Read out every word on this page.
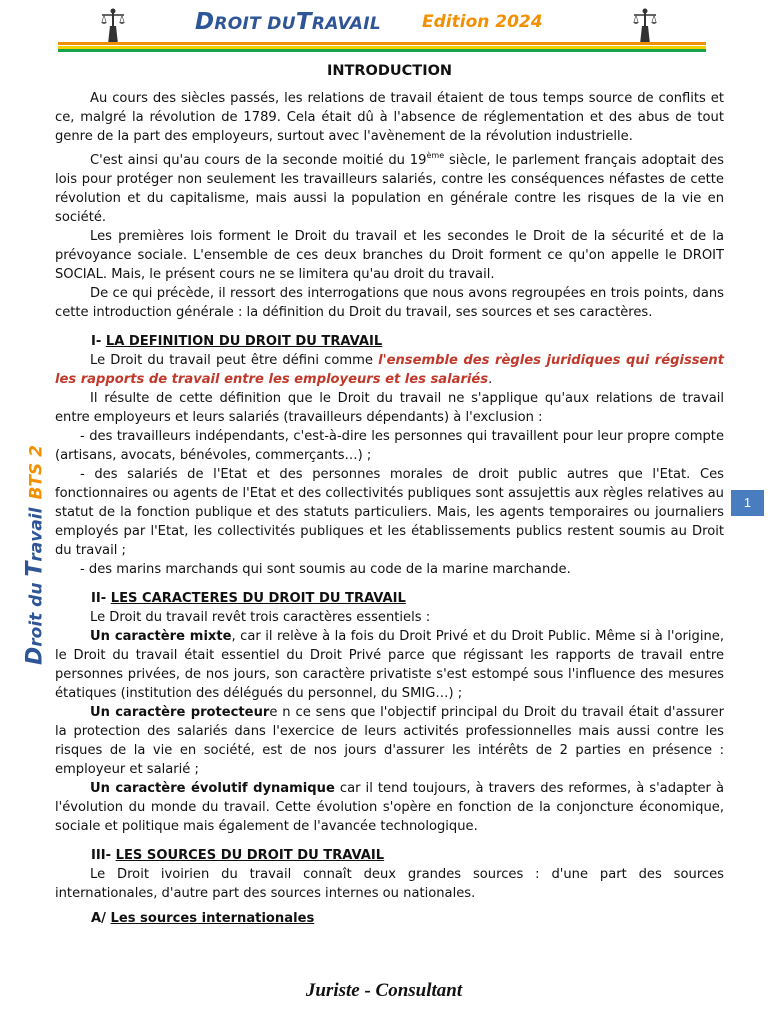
DROIT DUTRAVAIL Edition 2024
Droit du TravailBTS 2
1

INTRODUCTION

Au cours des siècles passés, les relations de travail étaient de tous temps source de conflits et ce, malgré la révolution de 1789. Cela était dû à l'absence de réglementation et des abus de tout genre de la part des employeurs, surtout avec l'avènement de la révolution industrielle.

C'est ainsi qu'au cours de la seconde moitié du 19ème siècle, le parlement français adoptait des lois pour protéger non seulement les travailleurs salariés, contre les conséquences néfastes de cette révolution et du capitalisme, mais aussi la population en générale contre les risques de la vie en société.

Les premières lois forment le Droit du travail et les secondes le Droit de la sécurité et de la prévoyance sociale. L'ensemble de ces deux branches du Droit forment ce qu'on appelle le DROIT SOCIAL. Mais, le présent cours ne se limitera qu'au droit du travail.

De ce qui précède, il ressort des interrogations que nous avons regroupées en trois points, dans cette introduction générale : la définition du Droit du travail, ses sources et ses caractères.

I- LA DEFINITION DU DROIT DU TRAVAIL

Le Droit du travail peut être défini comme l'ensemble des règles juridiques qui régissent les rapports de travail entre les employeurs et les salariés.

Il résulte de cette définition que le Droit du travail ne s'applique qu'aux relations de travail entre employeurs et leurs salariés (travailleurs dépendants) à l'exclusion :

- des travailleurs indépendants, c'est-à-dire les personnes qui travaillent pour leur propre compte (artisans, avocats, bénévoles, commerçants…) ;

- des salariés de l'Etat et des personnes morales de droit public autres que l'Etat. Ces fonctionnaires ou agents de l'Etat et des collectivités publiques sont assujettis aux règles relatives au statut de la fonction publique et des statuts particuliers. Mais, les agents temporaires ou journaliers employés par l'Etat, les collectivités publiques et les établissements publics restent soumis au Droit du travail ;

- des marins marchands qui sont soumis au code de la marine marchande.

II- LES CARACTERES DU DROIT DU TRAVAIL

Le Droit du travail revêt trois caractères essentiels :

Un caractère mixte, car il relève à la fois du Droit Privé et du Droit Public. Même si à l'origine, le Droit du travail était essentiel du Droit Privé parce que régissant les rapports de travail entre personnes privées, de nos jours, son caractère privatiste s'est estompé sous l'influence des mesures étatiques (institution des délégués du personnel, du SMIG…) ;

Un caractère protecteure n ce sens que l'objectif principal du Droit du travail était d'assurer la protection des salariés dans l'exercice de leurs activités professionnelles mais aussi contre les risques de la vie en société, est de nos jours d'assurer les intérêts de 2 parties en présence : employeur et salarié ;

Un caractère évolutif dynamique car il tend toujours, à travers des reformes, à s'adapter à l'évolution du monde du travail. Cette évolution s'opère en fonction de la conjoncture économique, sociale et politique mais également de l'avancée technologique.

III- LES SOURCES DU DROIT DU TRAVAIL

Le Droit ivoirien du travail connaît deux grandes sources : d'une part des sources internationales, d'autre part des sources internes ou nationales.

A/ Les sources internationales

Juriste - Consultant
